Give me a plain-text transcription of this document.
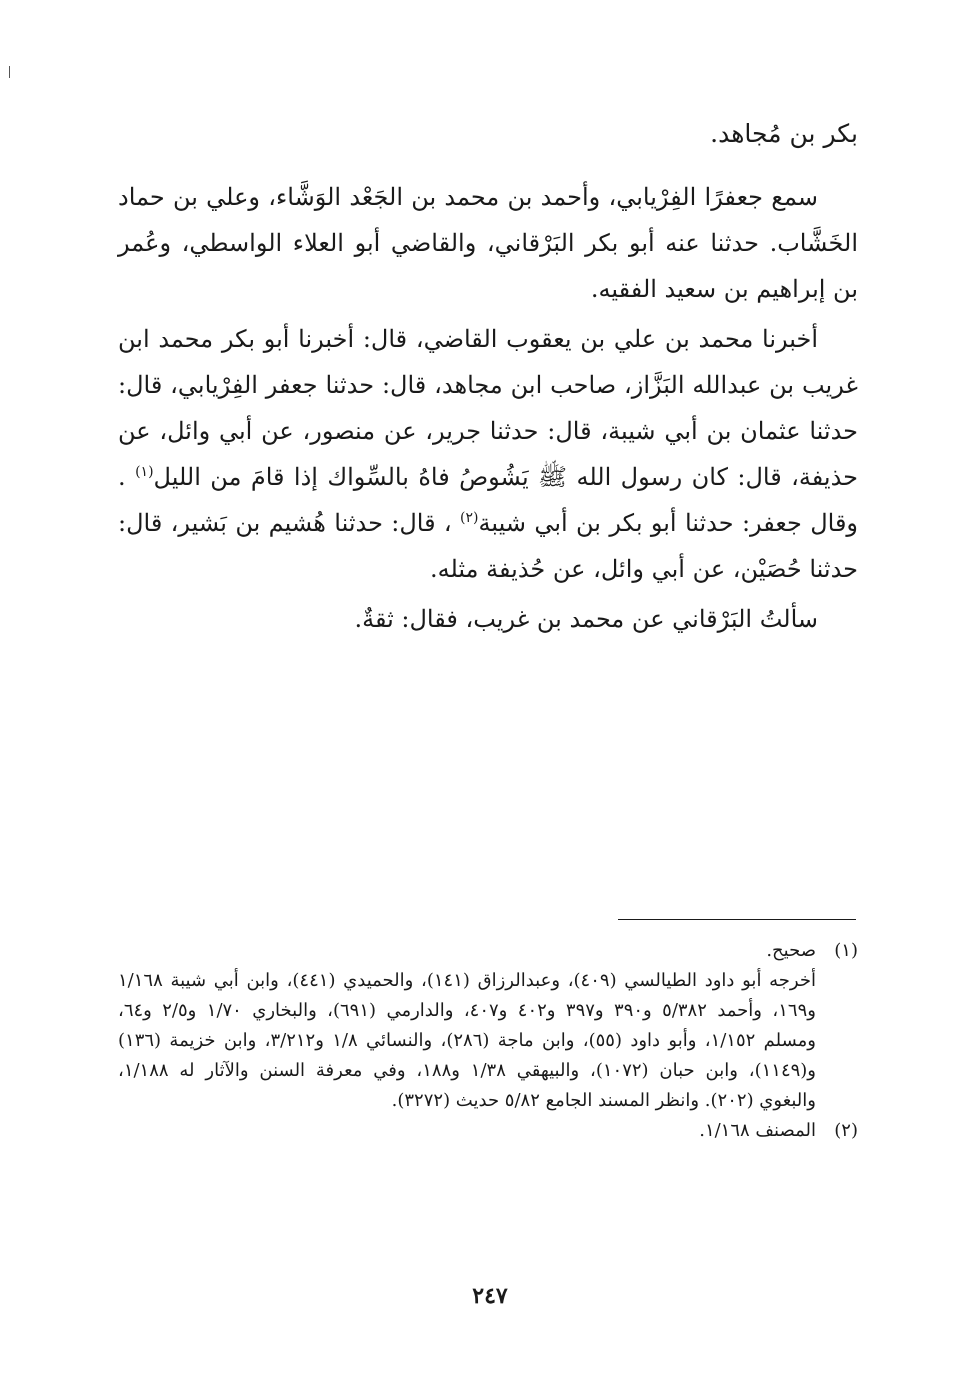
بكر بن مُجاهد.

سمع جعفرًا الفِرْيابي، وأحمد بن محمد بن الجَعْد الوَشَّاء، وعلي بن حماد الخَشَّاب. حدثنا عنه أبو بكر البَرْقاني، والقاضي أبو العلاء الواسطي، وعُمر بن إبراهيم بن سعيد الفقيه.

أخبرنا محمد بن علي بن يعقوب القاضي، قال: أخبرنا أبو بكر محمد ابن غريب بن عبدالله البَزَّاز، صاحب ابن مجاهد، قال: حدثنا جعفر الفِرْيابي، قال: حدثنا عثمان بن أبي شيبة، قال: حدثنا جرير، عن منصور، عن أبي وائل، عن حذيفة، قال: كان رسول الله ﷺ يَشُوصُ فاهُ بالسِّواك إذا قامَ من الليل$^{(١)}$ . وقال جعفر: حدثنا أبو بكر بن أبي شيبة$^{(٢)}$ ، قال: حدثنا هُشيم بن بَشير، قال: حدثنا حُصَيْن، عن أبي وائل، عن حُذيفة مثله.

سألتُ البَرْقاني عن محمد بن غريب، فقال: ثقةٌ.

(١)صحيح.

أخرجه أبو داود الطيالسي (٤٠٩)، وعبدالرزاق (١٤١)، والحميدي (٤٤١)، وابن أبي شيبة ١/١٦٨ و١٦٩، وأحمد ٥/٣٨٢ و٣٩٠ و٣٩٧ و٤٠٢ و٤٠٧، والدارمي (٦٩١)، والبخاري ١/٧٠ و٢/٥ و٦٤، ومسلم ١/١٥٢، وأبو داود (٥٥)، وابن ماجة (٢٨٦)، والنسائي ١/٨ و٣/٢١٢، وابن خزيمة (١٣٦) و(١١٤٩)، وابن حبان (١٠٧٢)، والبيهقي ١/٣٨ و١٨٨، وفي معرفة السنن والآثار له ١/١٨٨، والبغوي (٢٠٢). وانظر المسند الجامع ٥/٨٢ حديث (٣٢٧٢).

(٢)المصنف ١/١٦٨.

٢٤٧
